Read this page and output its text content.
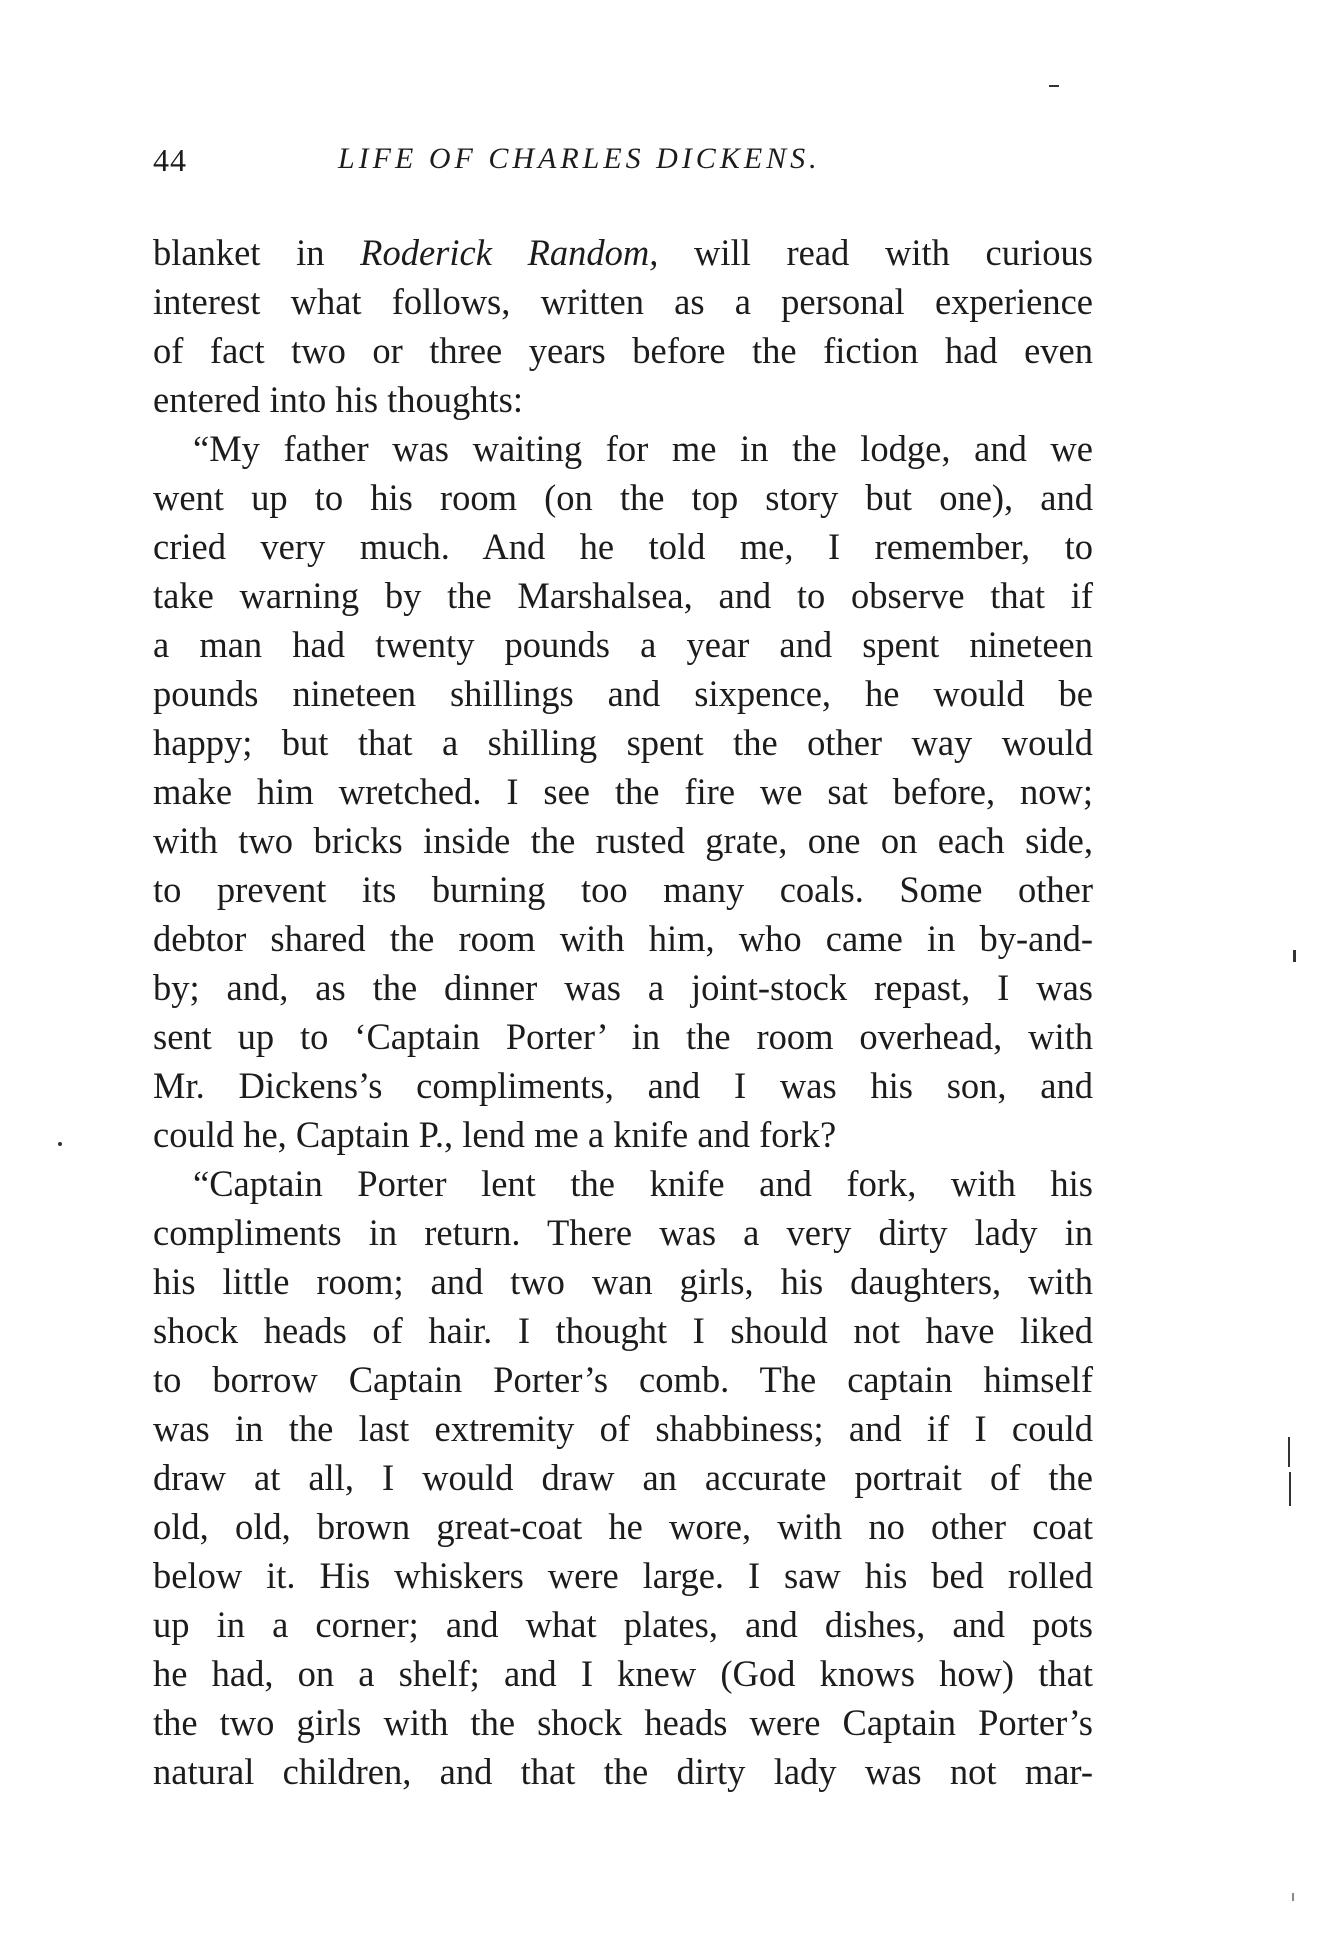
44	LIFE OF CHARLES DICKENS.
blanket in Roderick Random, will read with curious
interest what follows, written as a personal experience
of fact two or three years before the fiction had even
entered into his thoughts:
“My father was waiting for me in the lodge, and we
went up to his room (on the top story but one), and
cried very much. And he told me, I remember, to
take warning by the Marshalsea, and to observe that if
a man had twenty pounds a year and spent nineteen
pounds nineteen shillings and sixpence, he would be
happy; but that a shilling spent the other way would
make him wretched. I see the fire we sat before, now;
with two bricks inside the rusted grate, one on each side,
to prevent its burning too many coals. Some other
debtor shared the room with him, who came in by-and-
by; and, as the dinner was a joint-stock repast, I was
sent up to ‘Captain Porter’ in the room overhead, with
Mr. Dickens’s compliments, and I was his son, and
could he, Captain P., lend me a knife and fork?
“Captain Porter lent the knife and fork, with his
compliments in return. There was a very dirty lady in
his little room; and two wan girls, his daughters, with
shock heads of hair. I thought I should not have liked
to borrow Captain Porter’s comb. The captain himself
was in the last extremity of shabbiness; and if I could
draw at all, I would draw an accurate portrait of the
old, old, brown great-coat he wore, with no other coat
below it. His whiskers were large. I saw his bed rolled
up in a corner; and what plates, and dishes, and pots
he had, on a shelf; and I knew (God knows how) that
the two girls with the shock heads were Captain Porter’s
natural children, and that the dirty lady was not mar-
